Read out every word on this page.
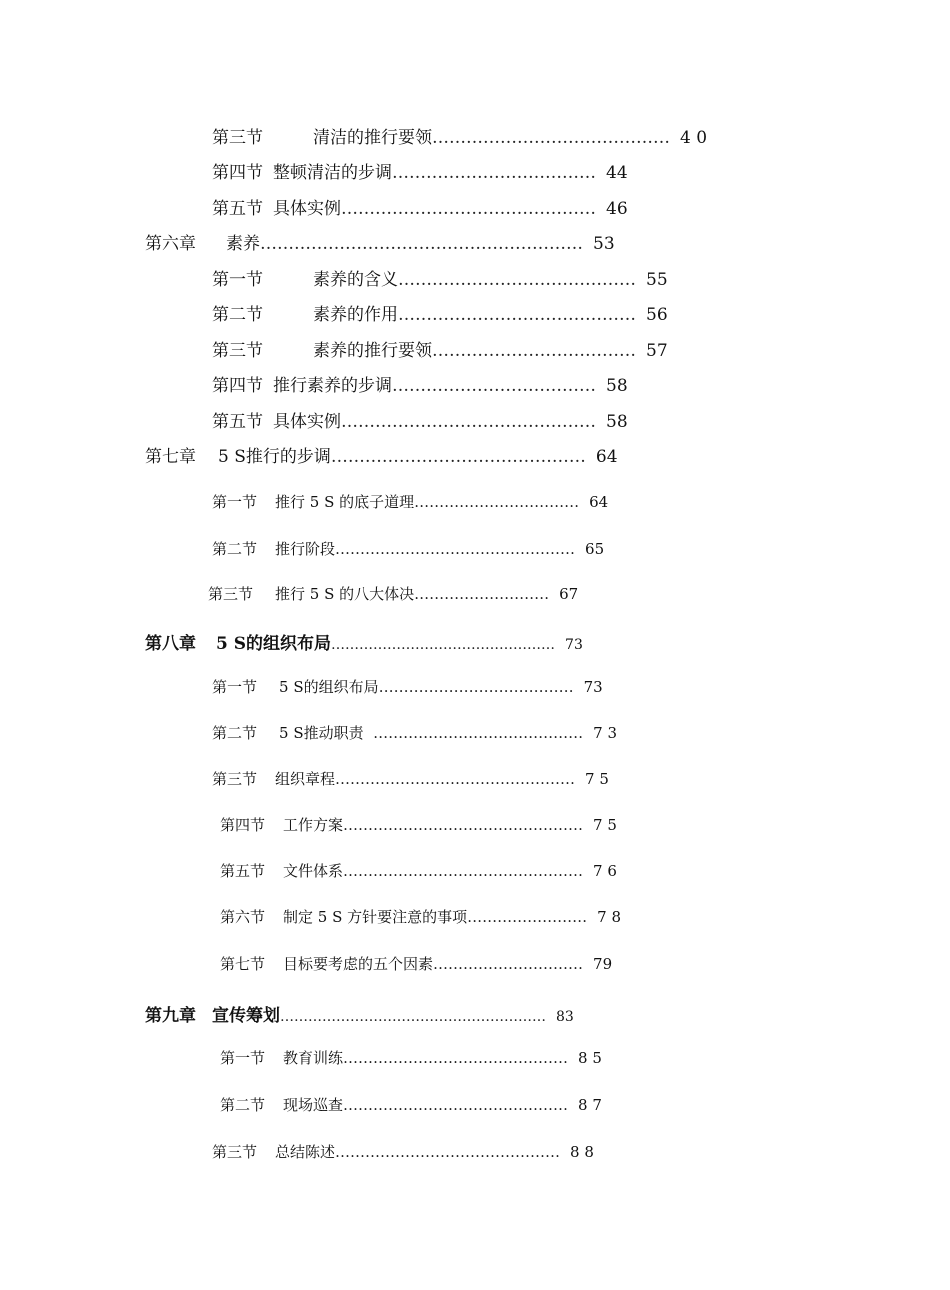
第三节	清洁的推行要领 …………………………………… 4 0
第四节 整顿清洁的步调 ……………………………… 44
第五节 具体实例 ……………………………………… 46
第六章 素养 ………………………………………………… 53
第一节	素养的含义 …………………………………… 55
第二节	素养的作用 …………………………………… 56
第三节	素养的推行要领 ……………………………… 57
第四节 推行素养的步调 ……………………………… 58
第五节 具体实例 ……………………………………… 58
第七章 5 S推行的步调 ……………………………………… 64
第一节 推行 5 S 的底子道理 …………………………… 64
第二节 推行阶段 ………………………………………… 65
第三节 推行 5 S 的八大体决 ……………………… 67
第八章 5 S的组织布局 ………………………………………… 73
第一节 5 S的组织布局 ………………………………… 73
第二节 5 S推动职责 …………………………………… 7 3
第三节 组织章程 ………………………………………… 7 5
第四节 工作方案 ………………………………………… 7 5
第五节 文件体系 ………………………………………… 7 6
第六节 制定 5 S 方针要注意的事项 …………………… 7 8
第七节 目标要考虑的五个因素 ………………………… 79
第九章 宣传筹划 ………………………………………………… 83
第一节 教育训练 ……………………………………… 8 5
第二节 现场巡查 ……………………………………… 8 7
第三节 总结陈述 ……………………………………… 8 8
